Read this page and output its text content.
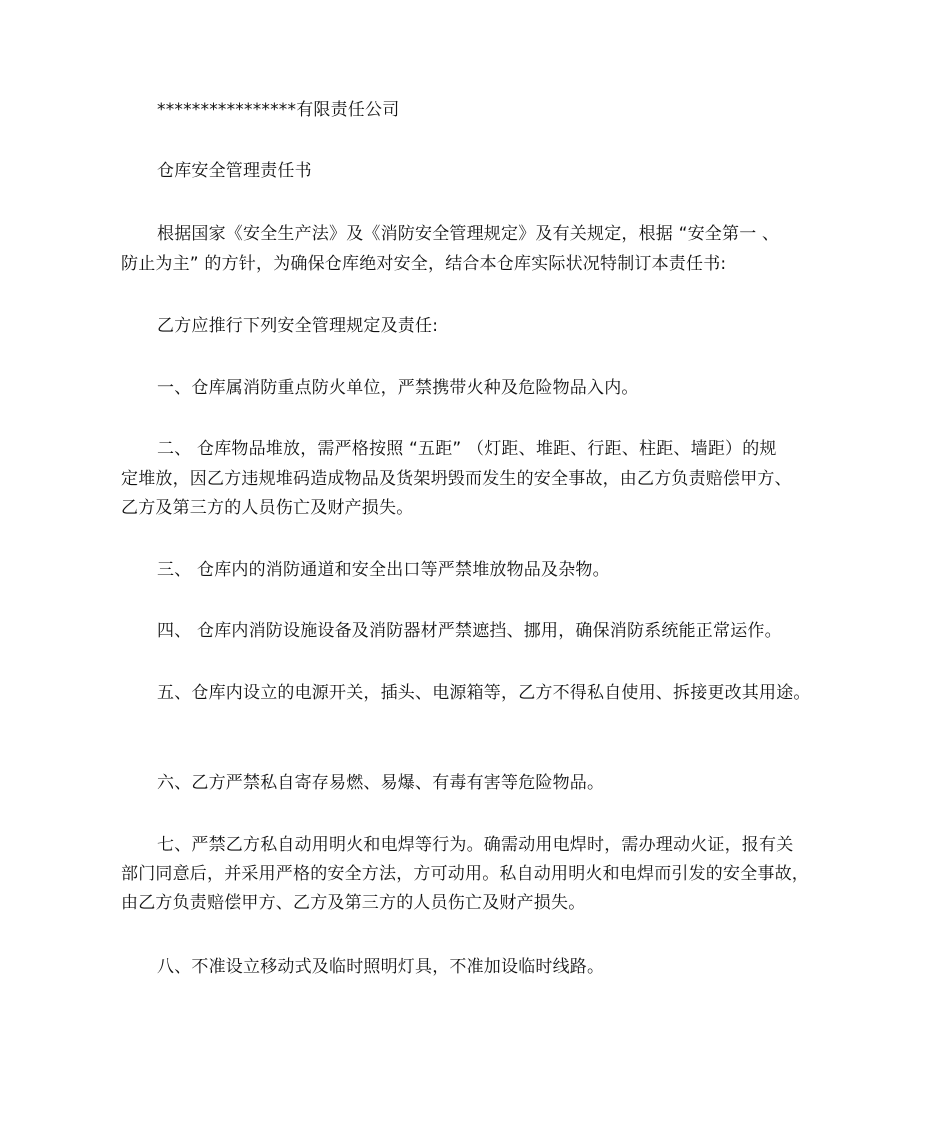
****************有限责任公司
仓库安全管理责任书
根据国家《安全生产法》及《消防安全管理规定》及有关规定，根据 “安全第一 、
防止为主” 的方针，为确保仓库绝对安全，结合本仓库实际状况特制订本责任书:
乙方应推行下列安全管理规定及责任:
一、仓库属消防重点防火单位，严禁携带火种及危险物品入内。
二、 仓库物品堆放，需严格按照 “五距” （灯距、堆距、行距、柱距、墙距）的规
定堆放，因乙方违规堆码造成物品及货架坍毁而发生的安全事故，由乙方负责赔偿甲方、
乙方及第三方的人员伤亡及财产损失。
三、 仓库内的消防通道和安全出口等严禁堆放物品及杂物。
四、 仓库内消防设施设备及消防器材严禁遮挡、挪用，确保消防系统能正常运作。
五、仓库内设立的电源开关，插头、电源箱等，乙方不得私自使用、拆接更改其用途。
六、乙方严禁私自寄存易燃、易爆、有毒有害等危险物品。
七、严禁乙方私自动用明火和电焊等行为。确需动用电焊时，需办理动火证，报有关
部门同意后，并采用严格的安全方法，方可动用。私自动用明火和电焊而引发的安全事故，
由乙方负责赔偿甲方、乙方及第三方的人员伤亡及财产损失。
八、不准设立移动式及临时照明灯具，不准加设临时线路。
